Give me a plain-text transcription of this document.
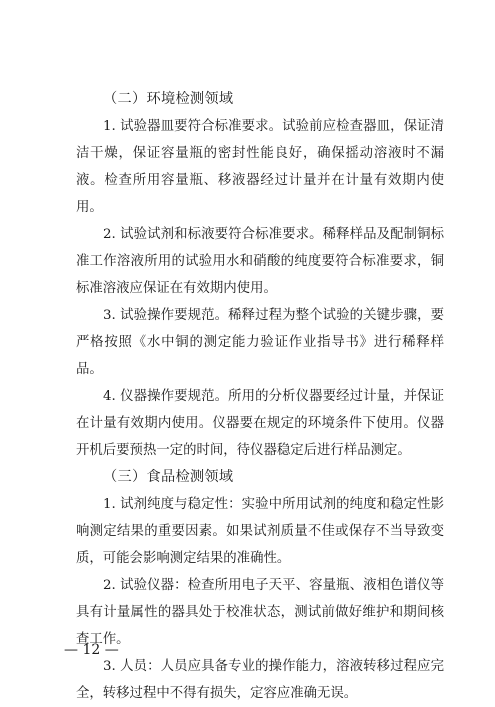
（二）环境检测领域

1. 试验器皿要符合标准要求。试验前应检查器皿，保证清洁干燥，保证容量瓶的密封性能良好，确保摇动溶液时不漏液。检查所用容量瓶、移液器经过计量并在计量有效期内使用。

2. 试验试剂和标液要符合标准要求。稀释样品及配制铜标准工作溶液所用的试验用水和硝酸的纯度要符合标准要求，铜标准溶液应保证在有效期内使用。

3. 试验操作要规范。稀释过程为整个试验的关键步骤，要严格按照《水中铜的测定能力验证作业指导书》进行稀释样品。

4. 仪器操作要规范。所用的分析仪器要经过计量，并保证在计量有效期内使用。仪器要在规定的环境条件下使用。仪器开机后要预热一定的时间，待仪器稳定后进行样品测定。

（三）食品检测领域

1. 试剂纯度与稳定性：实验中所用试剂的纯度和稳定性影响测定结果的重要因素。如果试剂质量不佳或保存不当导致变质，可能会影响测定结果的准确性。

2. 试验仪器：检查所用电子天平、容量瓶、液相色谱仪等具有计量属性的器具处于校准状态，测试前做好维护和期间核查工作。

3. 人员：人员应具备专业的操作能力，溶液转移过程应完全，转移过程中不得有损失，定容应准确无误。

— 12 —
